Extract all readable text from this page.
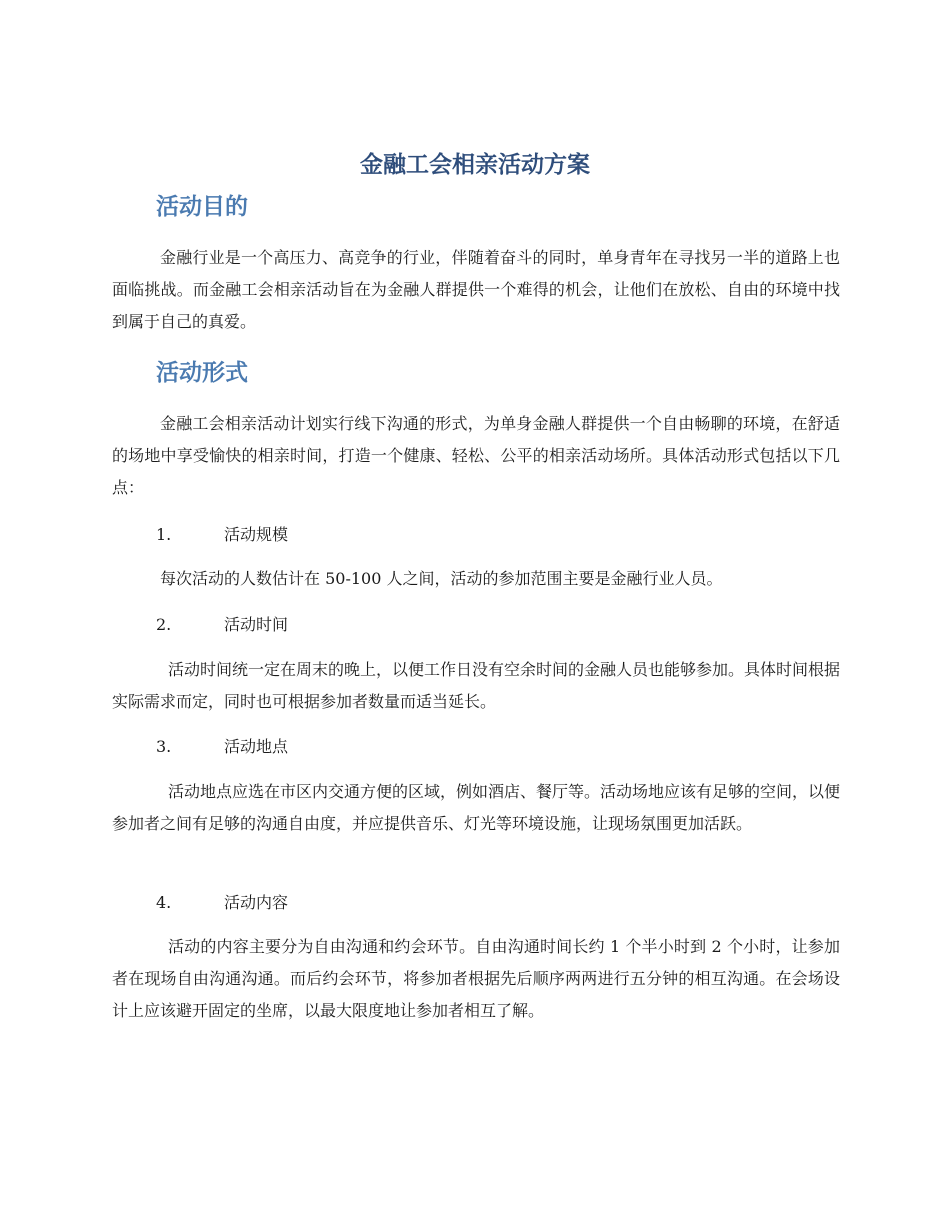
金融工会相亲活动方案
活动目的

金融行业是一个高压力、高竞争的行业，伴随着奋斗的同时，单身青年在寻找另一半的道路上也面临挑战。而金融工会相亲活动旨在为金融人群提供一个难得的机会，让他们在放松、自由的环境中找到属于自己的真爱。

活动形式

金融工会相亲活动计划实行线下沟通的形式，为单身金融人群提供一个自由畅聊的环境，在舒适的场地中享受愉快的相亲时间，打造一个健康、轻松、公平的相亲活动场所。具体活动形式包括以下几点：

1.	活动规模

每次活动的人数估计在 50-100 人之间，活动的参加范围主要是金融行业人员。

2.	活动时间

活动时间统一定在周末的晚上，以便工作日没有空余时间的金融人员也能够参加。具体时间根据实际需求而定，同时也可根据参加者数量而适当延长。

3.	活动地点

活动地点应选在市区内交通方便的区域，例如酒店、餐厅等。活动场地应该有足够的空间，以便参加者之间有足够的沟通自由度，并应提供音乐、灯光等环境设施，让现场氛围更加活跃。

4.	活动内容

活动的内容主要分为自由沟通和约会环节。自由沟通时间长约 1 个半小时到 2 个小时，让参加者在现场自由沟通沟通。而后约会环节，将参加者根据先后顺序两两进行五分钟的相互沟通。在会场设计上应该避开固定的坐席，以最大限度地让参加者相互了解。
